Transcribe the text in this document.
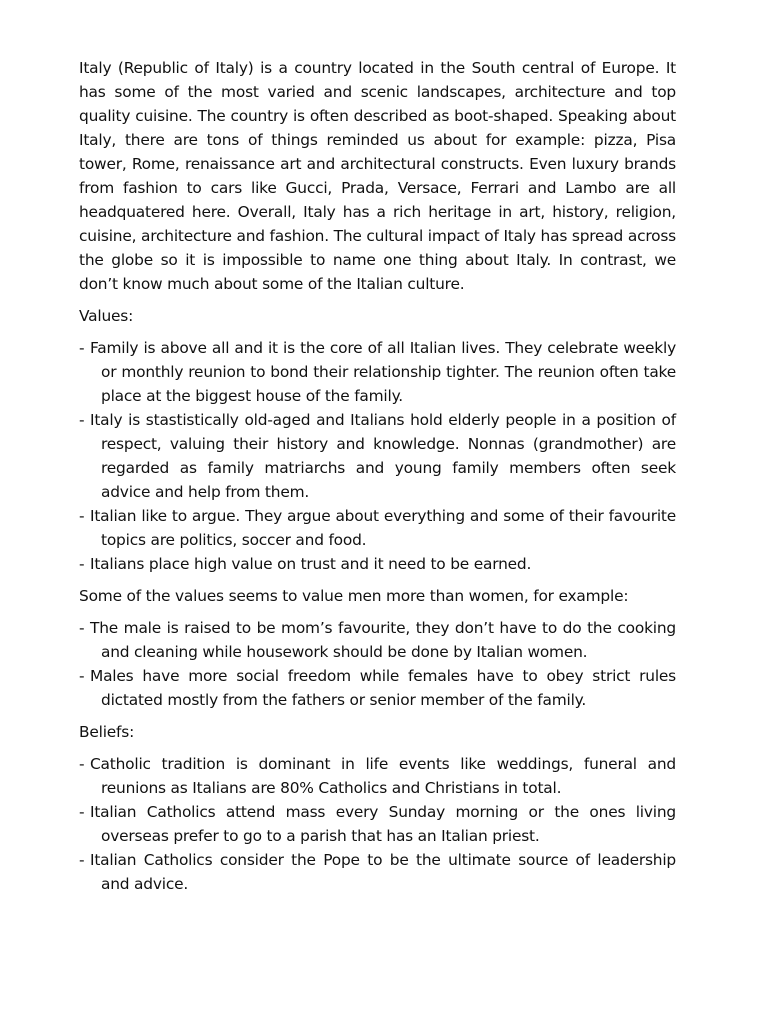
Italy (Republic of Italy) is a country located in the South central of Europe. It has some of the most varied and scenic landscapes, architecture and top quality cuisine. The country is often described as boot-shaped. Speaking about Italy, there are tons of things reminded us about for example: pizza, Pisa tower, Rome, renaissance art and architectural constructs. Even luxury brands from fashion to cars like Gucci, Prada, Versace, Ferrari and Lambo are all headquatered here. Overall, Italy has a rich heritage in art, history, religion, cuisine, architecture and fashion. The cultural impact of Italy has spread across the globe so it is impossible to name one thing about Italy. In contrast, we don’t know much about some of the Italian culture.

Values:

- Family is above all and it is the core of all Italian lives. They celebrate weekly or monthly reunion to bond their relationship tighter. The reunion often take place at the biggest house of the family.
- Italy is stastistically old-aged and Italians hold elderly people in a position of respect, valuing their history and knowledge. Nonnas (grandmother) are regarded as family matriarchs and young family members often seek advice and help from them.
- Italian like to argue. They argue about everything and some of their favourite topics are politics, soccer and food.
- Italians place high value on trust and it need to be earned.

Some of the values seems to value men more than women, for example:

- The male is raised to be mom’s favourite, they don’t have to do the cooking and cleaning while housework should be done by Italian women.
- Males have more social freedom while females have to obey strict rules dictated mostly from the fathers or senior member of the family.

Beliefs:

- Catholic tradition is dominant in life events like weddings, funeral and reunions as Italians are 80% Catholics and Christians in total.
- Italian Catholics attend mass every Sunday morning or the ones living overseas prefer to go to a parish that has an Italian priest.
- Italian Catholics consider the Pope to be the ultimate source of leadership and advice.
